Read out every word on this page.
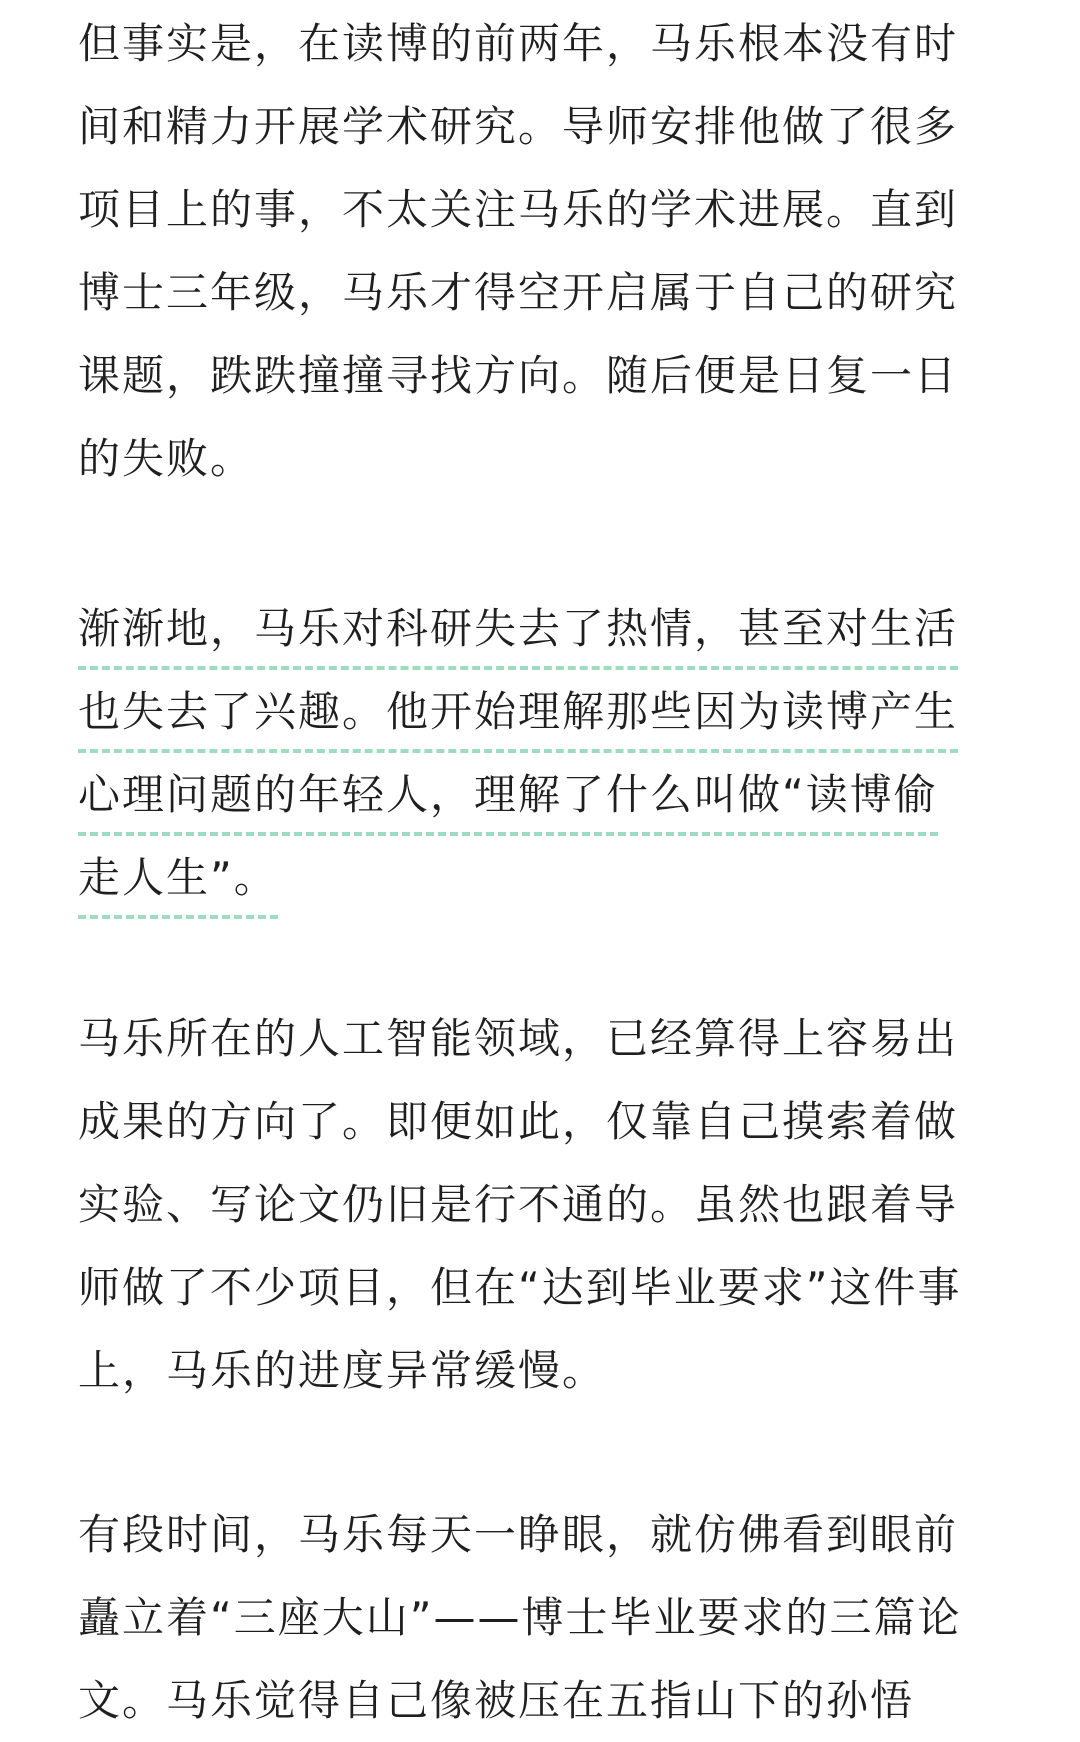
但事实是，在读博的前两年，马乐根本没有时
间和精力开展学术研究。导师安排他做了很多
项目上的事，不太关注马乐的学术进展。直到
博士三年级，马乐才得空开启属于自己的研究
课题，跌跌撞撞寻找方向。随后便是日复一日
的失败。

渐渐地，马乐对科研失去了热情，甚至对生活
也失去了兴趣。他开始理解那些因为读博产生
心理问题的年轻人，理解了什么叫做“读博偷
走人生”。

马乐所在的人工智能领域，已经算得上容易出
成果的方向了。即便如此，仅靠自己摸索着做
实验、写论文仍旧是行不通的。虽然也跟着导
师做了不少项目，但在“达到毕业要求”这件事
上，马乐的进度异常缓慢。

有段时间，马乐每天一睁眼，就仿佛看到眼前
矗立着“三座大山”——博士毕业要求的三篇论
文。马乐觉得自己像被压在五指山下的孙悟
